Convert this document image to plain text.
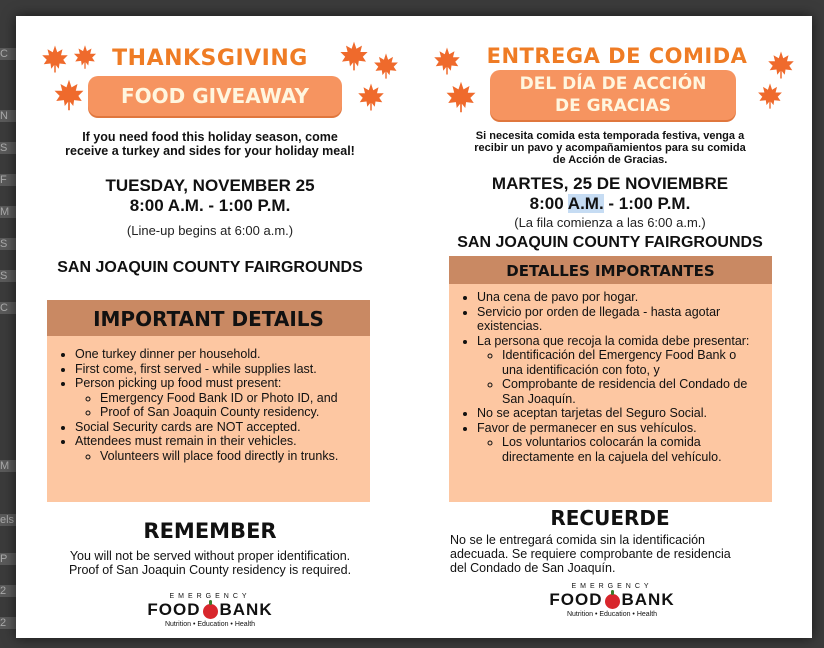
C
N
S
F
M
S
S
C
M
els
P
2
2
THANKSGIVING
FOOD GIVEAWAY
If you need food this holiday season, come
receive a turkey and sides for your holiday meal!
TUESDAY, NOVEMBER 25
8:00 A.M. - 1:00 P.M.
(Line-up begins at 6:00 a.m.)
SAN JOAQUIN COUNTY FAIRGROUNDS
IMPORTANT DETAILS
• One turkey dinner per household.
• First come, first served - while supplies last.
• Person picking up food must present:
◦ Emergency Food Bank ID or Photo ID, and
◦ Proof of San Joaquin County residency.
• Social Security cards are NOT accepted.
• Attendees must remain in their vehicles.
◦ Volunteers will place food directly in trunks.
REMEMBER
You will not be served without proper identification.
Proof of San Joaquin County residency is required.
EMERGENCY
FOOD BANK
Nutrition • Education • Health
ENTREGA DE COMIDA
DEL DÍA DE ACCIÓN
DE GRACIAS
Si necesita comida esta temporada festiva, venga a
recibir un pavo y acompañamientos para su comida
de Acción de Gracias.
MARTES, 25 DE NOVIEMBRE
8:00 A.M. - 1:00 P.M.
(La fila comienza a las 6:00 a.m.)
SAN JOAQUIN COUNTY FAIRGROUNDS
DETALLES IMPORTANTES
• Una cena de pavo por hogar.
• Servicio por orden de llegada - hasta agotar existencias.
• La persona que recoja la comida debe presentar:
◦ Identificación del Emergency Food Bank o una identificación con foto, y
◦ Comprobante de residencia del Condado de San Joaquín.
• No se aceptan tarjetas del Seguro Social.
• Favor de permanecer en sus vehículos.
◦ Los voluntarios colocarán la comida directamente en la cajuela del vehículo.
RECUERDE
No se le entregará comida sin la identificación
adecuada. Se requiere comprobante de residencia
del Condado de San Joaquín.
EMERGENCY
FOOD BANK
Nutrition • Education • Health
